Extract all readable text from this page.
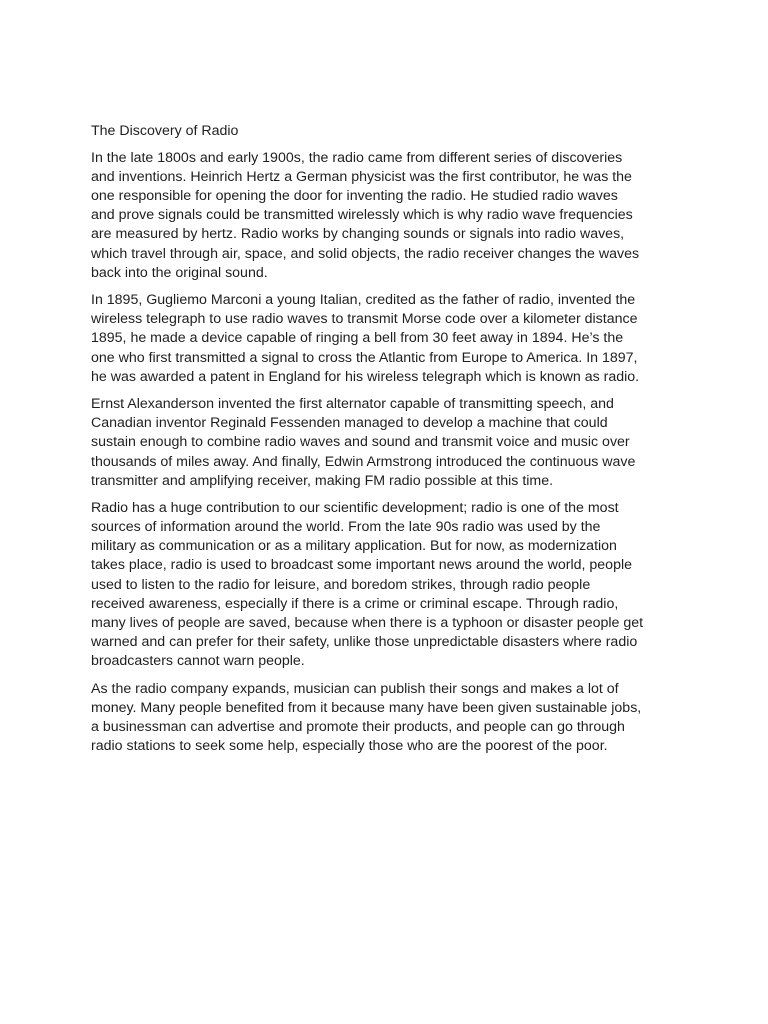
The Discovery of Radio

In the late 1800s and early 1900s, the radio came from different series of discoveries
and inventions. Heinrich Hertz a German physicist was the first contributor, he was the
one responsible for opening the door for inventing the radio. He studied radio waves
and prove signals could be transmitted wirelessly which is why radio wave frequencies
are measured by hertz. Radio works by changing sounds or signals into radio waves,
which travel through air, space, and solid objects, the radio receiver changes the waves
back into the original sound.

In 1895, Gugliemo Marconi a young Italian, credited as the father of radio, invented the
wireless telegraph to use radio waves to transmit Morse code over a kilometer distance
1895, he made a device capable of ringing a bell from 30 feet away in 1894. He’s the
one who first transmitted a signal to cross the Atlantic from Europe to America. In 1897,
he was awarded a patent in England for his wireless telegraph which is known as radio.

Ernst Alexanderson invented the first alternator capable of transmitting speech, and
Canadian inventor Reginald Fessenden managed to develop a machine that could
sustain enough to combine radio waves and sound and transmit voice and music over
thousands of miles away. And finally, Edwin Armstrong introduced the continuous wave
transmitter and amplifying receiver, making FM radio possible at this time.

Radio has a huge contribution to our scientific development; radio is one of the most
sources of information around the world. From the late 90s radio was used by the
military as communication or as a military application. But for now, as modernization
takes place, radio is used to broadcast some important news around the world, people
used to listen to the radio for leisure, and boredom strikes, through radio people
received awareness, especially if there is a crime or criminal escape. Through radio,
many lives of people are saved, because when there is a typhoon or disaster people get
warned and can prefer for their safety, unlike those unpredictable disasters where radio
broadcasters cannot warn people.

As the radio company expands, musician can publish their songs and makes a lot of
money. Many people benefited from it because many have been given sustainable jobs,
a businessman can advertise and promote their products, and people can go through
radio stations to seek some help, especially those who are the poorest of the poor.
